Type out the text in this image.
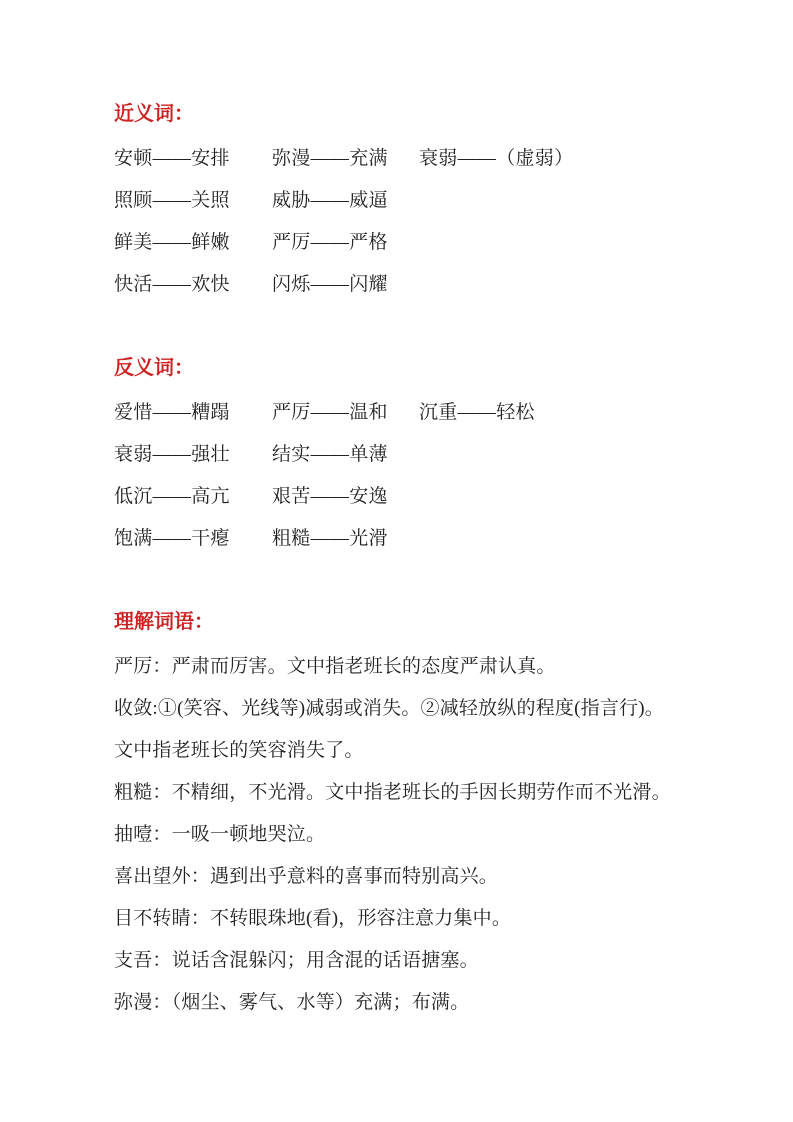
近义词：
安顿——安排	弥漫——充满	衰弱——（虚弱）
照顾——关照	威胁——威逼
鲜美——鲜嫩	严厉——严格
快活——欢快	闪烁——闪耀
反义词：
爱惜——糟蹋	严厉——温和	沉重——轻松
衰弱——强壮	结实——单薄
低沉——高亢	艰苦——安逸
饱满——干瘪	粗糙——光滑
理解词语：

严厉：严肃而厉害。文中指老班长的态度严肃认真。

收敛:①(笑容、光线等)减弱或消失。②减轻放纵的程度(指言行)。

文中指老班长的笑容消失了。

粗糙：不精细，不光滑。文中指老班长的手因长期劳作而不光滑。

抽噎：一吸一顿地哭泣。

喜出望外：遇到出乎意料的喜事而特别高兴。

目不转睛：不转眼珠地(看)，形容注意力集中。

支吾：说话含混躲闪；用含混的话语搪塞。

弥漫：（烟尘、雾气、水等）充满；布满。
